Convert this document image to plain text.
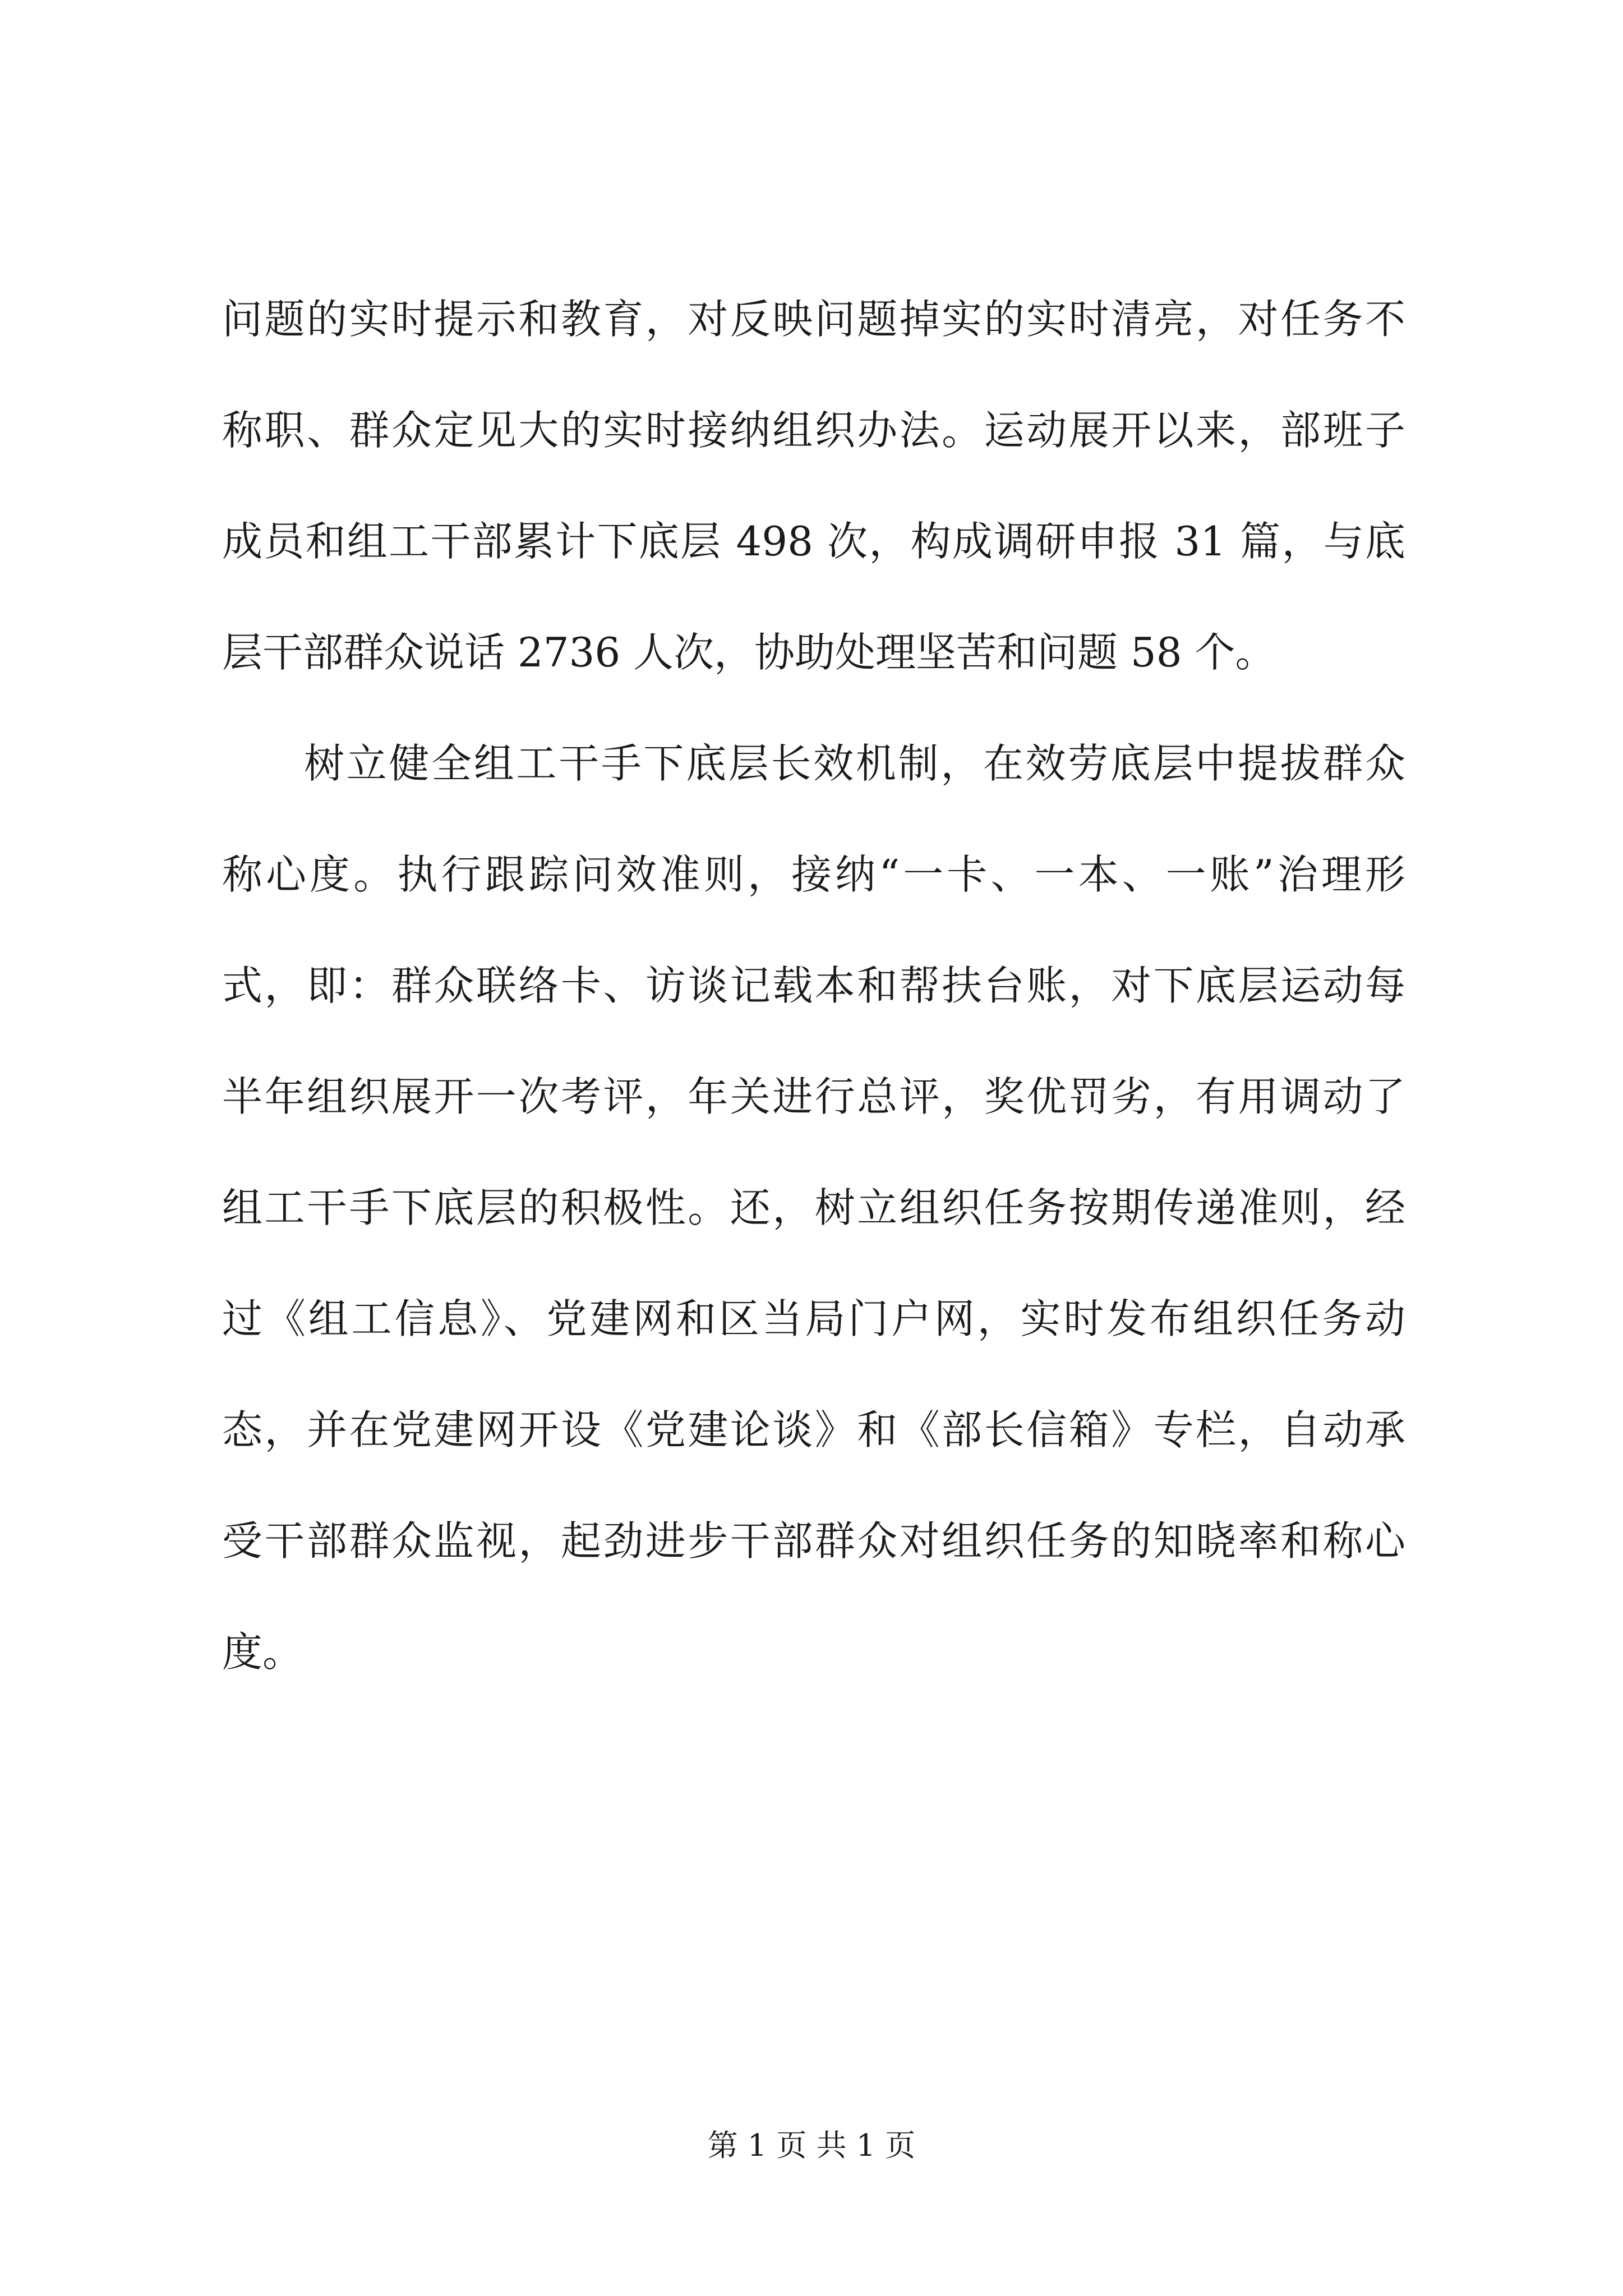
问题的实时提示和教育，对反映问题掉实的实时清亮，对任务不
称职、群众定见大的实时接纳组织办法。运动展开以来，部班子
成员和组工干部累计下底层 498 次，构成调研申报 31 篇，与底
层干部群众说话 2736 人次，协助处理坚苦和问题 58 个。
树立健全组工干手下底层长效机制，在效劳底层中提拔群众
称心度。执行跟踪问效准则，接纳“一卡、一本、一账”治理形
式，即：群众联络卡、访谈记载本和帮扶台账，对下底层运动每
半年组织展开一次考评，年关进行总评，奖优罚劣，有用调动了
组工干手下底层的积极性。还，树立组织任务按期传递准则，经
过《组工信息》、党建网和区当局门户网，实时发布组织任务动
态，并在党建网开设《党建论谈》和《部长信箱》专栏，自动承
受干部群众监视，起劲进步干部群众对组织任务的知晓率和称心
度。
第 1 页 共 1 页
